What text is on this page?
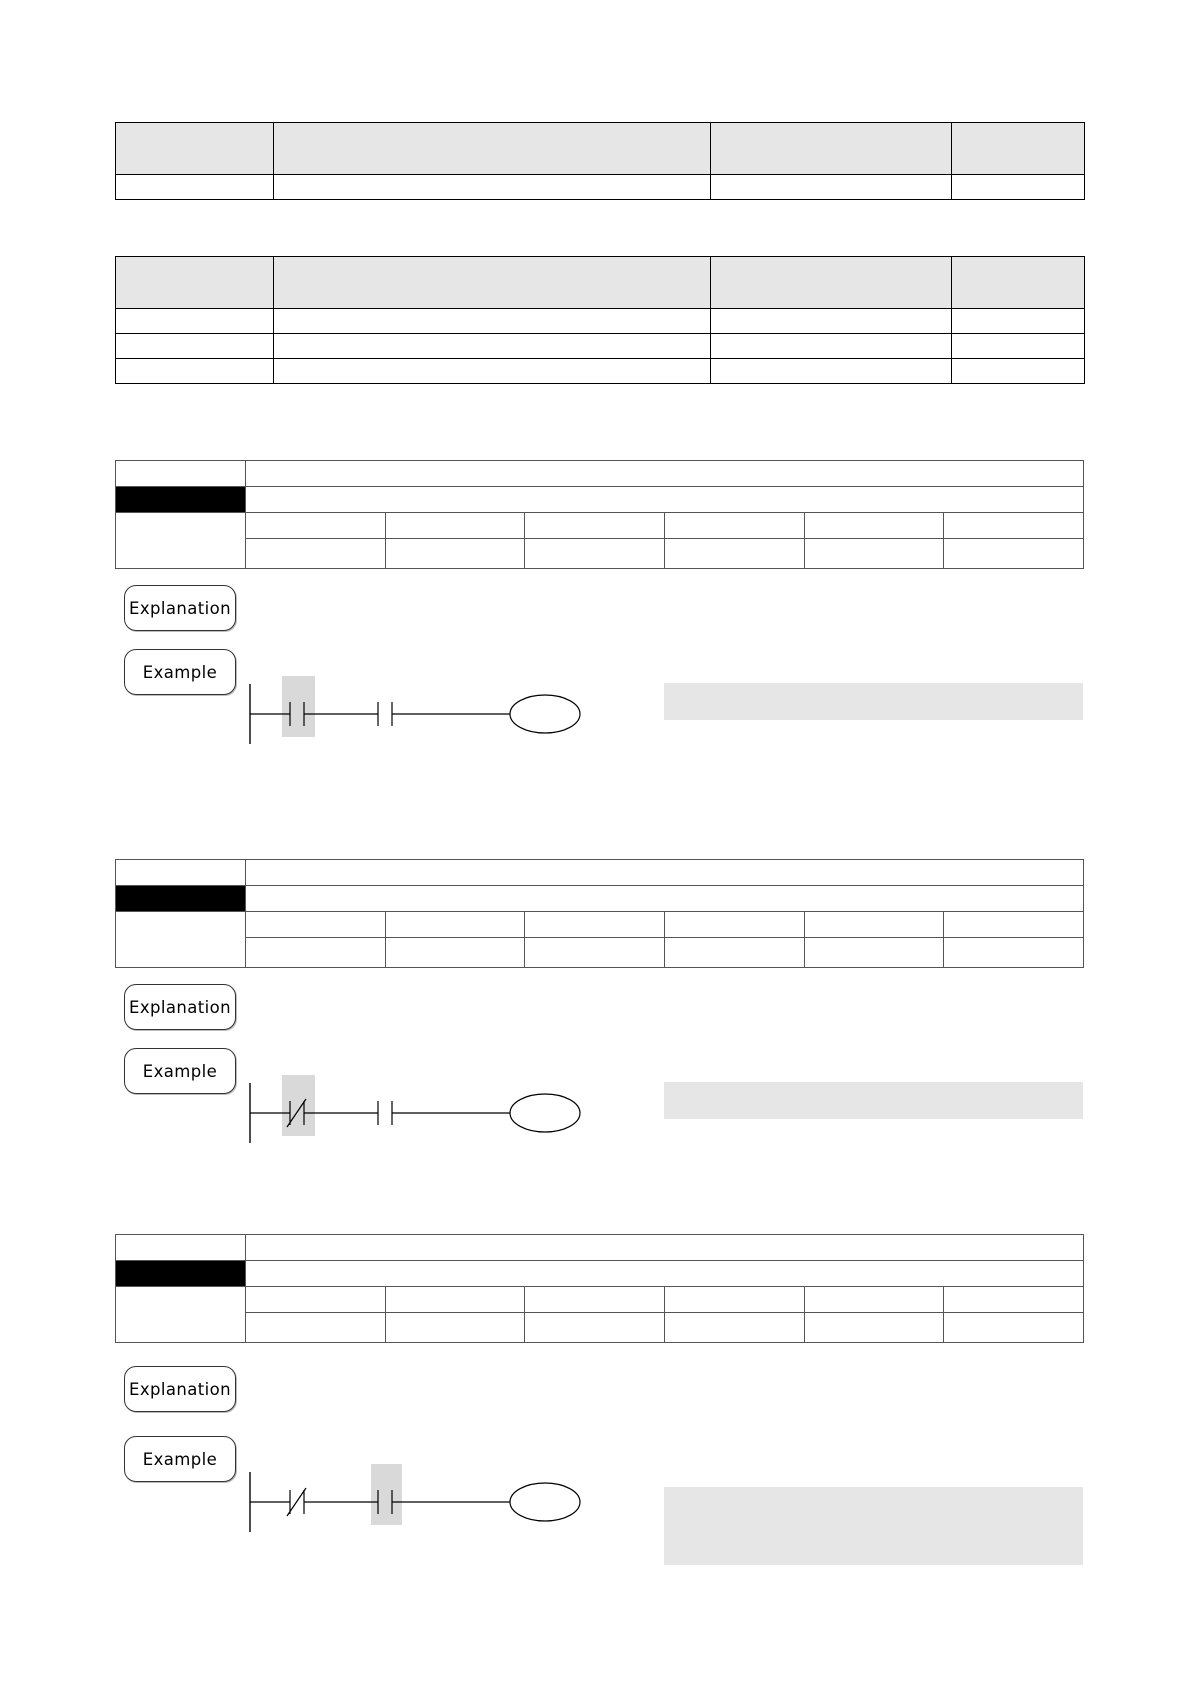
Explanation
Example

Explanation
Example

Explanation
Example
